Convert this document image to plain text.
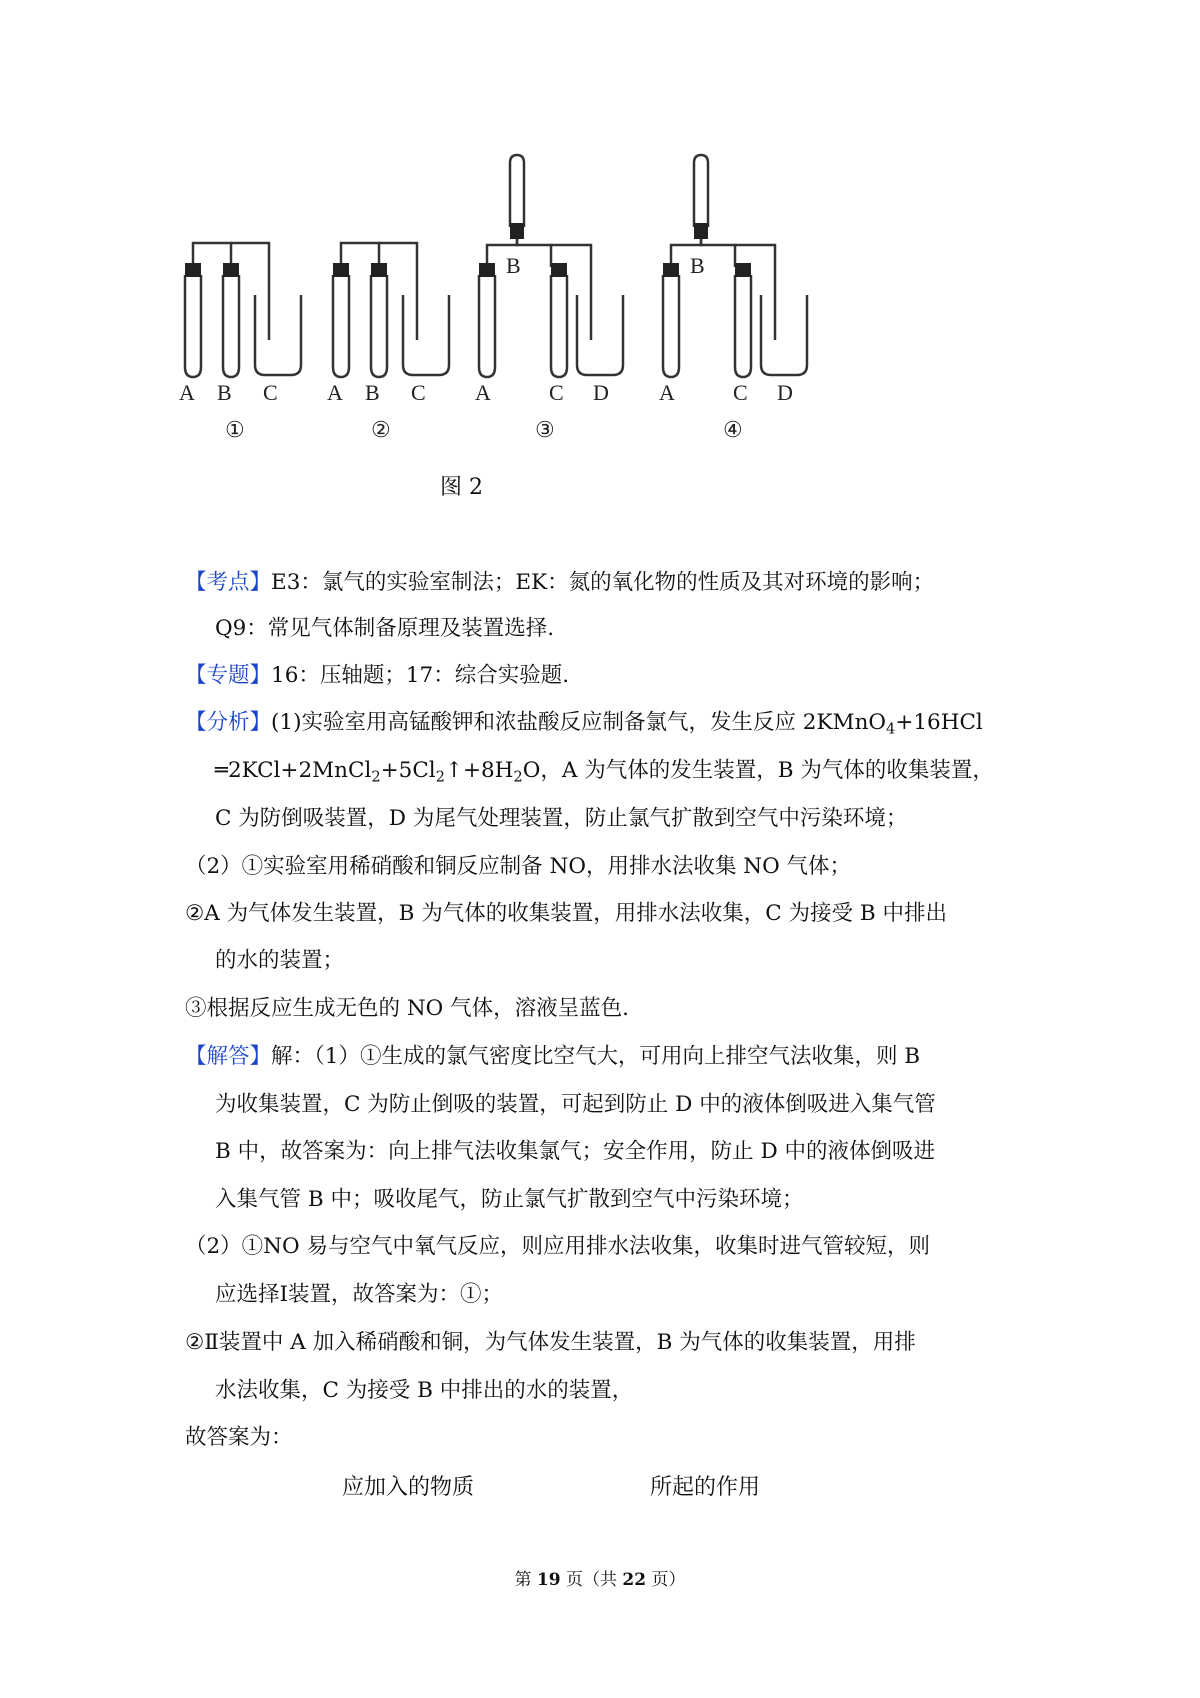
A B C
①
A B C
②
A
B
C D
③
A
B
C D
④
图 2
【考点】E3：氯气的实验室制法；EK：氮的氧化物的性质及其对环境的影响；
Q9：常见气体制备原理及装置选择.
【专题】16：压轴题；17：综合实验题.
【分析】(1)实验室用高锰酸钾和浓盐酸反应制备氯气，发生反应 2KMnO$_4$+16HCl
$═2KCl+2MnCl_2+5Cl_2↑+8H_2O$，A 为气体的发生装置，B 为气体的收集装置，
C 为防倒吸装置，D 为尾气处理装置，防止氯气扩散到空气中污染环境；
（2）①实验室用稀硝酸和铜反应制备 NO，用排水法收集 NO 气体；
②A 为气体发生装置，B 为气体的收集装置，用排水法收集，C 为接受 B 中排出
的水的装置；
③根据反应生成无色的 NO 气体，溶液呈蓝色.
【解答】解：（1）①生成的氯气密度比空气大，可用向上排空气法收集，则 B
为收集装置，C 为防止倒吸的装置，可起到防止 D 中的液体倒吸进入集气管
B 中，故答案为：向上排气法收集氯气；安全作用，防止 D 中的液体倒吸进
入集气管 B 中；吸收尾气，防止氯气扩散到空气中污染环境；
（2）①NO 易与空气中氧气反应，则应用排水法收集，收集时进气管较短，则
应选择Ⅰ装置，故答案为：①；
②Ⅱ装置中 A 加入稀硝酸和铜，为气体发生装置，B 为气体的收集装置，用排
水法收集，C 为接受 B 中排出的水的装置，
故答案为：
应加入的物质	所起的作用
第 19 页（共 22 页）
